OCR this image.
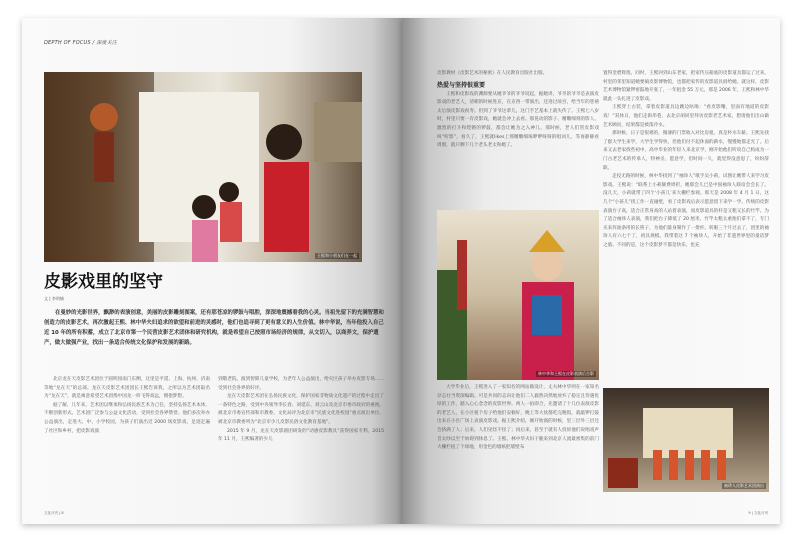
DEPTH OF FOCUS / 深度关注
王熙和小朋友们在一起
皮影戏里的坚守
文 | 李明楠

在曼妙的光影世界，飘渺的表演创意，美丽的皮影雕刻图案，还有那苍凉的锣鼓与唱腔，深深地震撼着我的心灵。当祖先留下的充满智慧和创造力的皮影艺术，再次激起王熙、林中华夫妇追求的欲望和前进的灵感时，他们也追寻到了更有意义的人生价值。林中华说，当年他投入自己近 10 年的所有积蓄，成立了北京市第一个民营皮影艺术团体和研究机构，就是希望自己按照市场经济的规律，从文切入，以商养文，保护遗产，做大做强产业，找出一条适合传统文化保护和发展的新路。

北京龙在天皮影艺术团位于圆明园南门东侧，这里是平遥、上海、杭州、济南等地“龙在天”的总部。龙在天皮影艺术团团长王熙告诉我，之所以为艺术团取名为“龙在天”，就是寓意希望艺术团像中国龙一样飞得高远，拥抱梦想。

据了解，几年来，艺术团以继承和弘扬民族艺术为己任，坚持弘扬艺术本体，不断创新形式。艺术团广泛参与公益文化活动，受到社会各界赞誉。他们多次举办公益演出，走进大、中、小学校园，为孩子们演出近 2000 场皮影戏，足迹走遍了社区和乡村，把皮影戏演

到敬老院，演到智障儿童学校，为老年人公益演出，给灾区孩子举办皮影专场……受到社会各界的好评。

龙在天皮影艺术团在弘扬民族文化，保护国家非物质文化遗产的过程中走出了一条特色之路，受到中央领导李长春、刘延东、刘云山及北京市委市政府的重视。被北京市委宣传部和市教委、文化局评为北京市“民族文化进校园”重点演出单位，被北京市教委列为“北京市少儿皮影民俗文化教育基地”。

2015 年 9 月，龙在天皮影剧团研发的“动感皮影教具”获得国家专利。2015 年 11 月，王熙编著的少儿

文化月刊 | 8

皮影教材《皮影艺术的秘密》在人民教育出版社出版。

热爱与坚持很重要

王熙和皮影戏的渊源要从她爷爷的爷爷说起，据她讲，爷爷的爷爷是表演皮影戏的老艺人，清朝的时候进京，在京西一带演出，还进过故宫，给当年的慈禧太后演皮影戏祝寿。但到了爷爷这辈儿，这门手艺基本上就失传了。王熙七八岁时，村里只要一有皮影戏，她就会冲上去看。那晃动的影子、精雕细刻的影人、激烈的打斗和铿锵的锣鼓，都会让她为之入神儿。那时候，老人们管皮影戏叫“听影”，看久了，王熙就likes上那精雕细琢咿咿呀呀的唱词儿，等再静静看周围，就只剩下几个老头老太和她了。

林中华和王熙在皮影表演后合影

大学毕业后，王熙进入了一家知名的网站做设计，丈夫林中华则在一家知名杂志社当资深编辑。可是共同的志向让他们二人毅然决然地放弃了稳定且待遇优厚的工作，踏入心心念念的皮影世界。两人一拍即合，先邀请了十几位表演皮影的老艺人，在小区租个房子给他们安顿好，晚上等大伙都吃完晚饭，就敲锣打鼓出来在小区广场上表演皮影戏。据王熙介绍，刚开始演的时候，里三层外三层还会挤满了人；后来，人们见怪不怪了；再后来，甚至于就有人投诉他们说唱戏声音太吵以至于妨碍到休息了。王熙、林中华夫妇干脆来到北京人流最密集的前门大栅栏租了个场地，用金色的墙纸把墙壁布

置得金碧辉煌。同时，王熙回到山东老家，把家传压箱底的皮影道具都运了过来。村里的邻里知道她要搞皮影博物馆，也都把家传的皮影道具捐给她。就这样，皮影艺术博物馆紧锣密鼓地开张了，一年租金 55 万元，那是 2006 年，王熙和林中华就此一头扎进了皮影戏。

王熙穿上古装，拿着皮影道具边跳边吆喝：“看皮影嘞，里面有地道的皮影戏！”双休日，他们走街串巷，去北京胡同里拜访皮影老艺术家，想请他们出山做艺术顾问，结果都是被泼冷水。

那时候，日子是很难的，微薄的门票收入对比房租，真是杯水车薪。王熙先找了群大学生来学，大学生学得快，但他们付不起休面的薪水，慢慢地都走光了。后来又去老家找些初中、高中毕业的年轻人来北京学，刚开始他们听说自己构成为一门古老艺术的传承人，特神圣，愿意学，但时间一久，就觉得没意思了，纷纷辞职。

走投无路的时候，林中华找到了“袖珍人”歌手吴小莉，试图让她带人来学习皮影戏。王熙说：“联系上小莉颇费周折，她那会儿已是中国袖珍人联谊会会长了。没几天，小莉就带了四个‘小孩儿’来大栅栏参观。那天是 2008 年 4 月 1 日，这几个“小孩儿”找工作一直碰壁，看了皮影戏后表示愿意留下来学一学。传统的皮影表演台子高，适合正常身高的人站着表演，而皮影道具的杆是又粗又长的竹竿。为了适合袖珍人表演，我们把台子降低了 20 厘米，竹竿太粗太重他们拿不了，专门买来炸油条用的长筷子，为他们量身制作了一批杆。转眼三个月过去了，团里的袖珍人有六七个了，初具规模。我带着这 7 个袖珍人，开始了非遗世界里的童话梦之旅。不同的是，这个皮影梦不都是快乐，也充

袖珍人皮影艺术团演出
9 | 文化月刊
